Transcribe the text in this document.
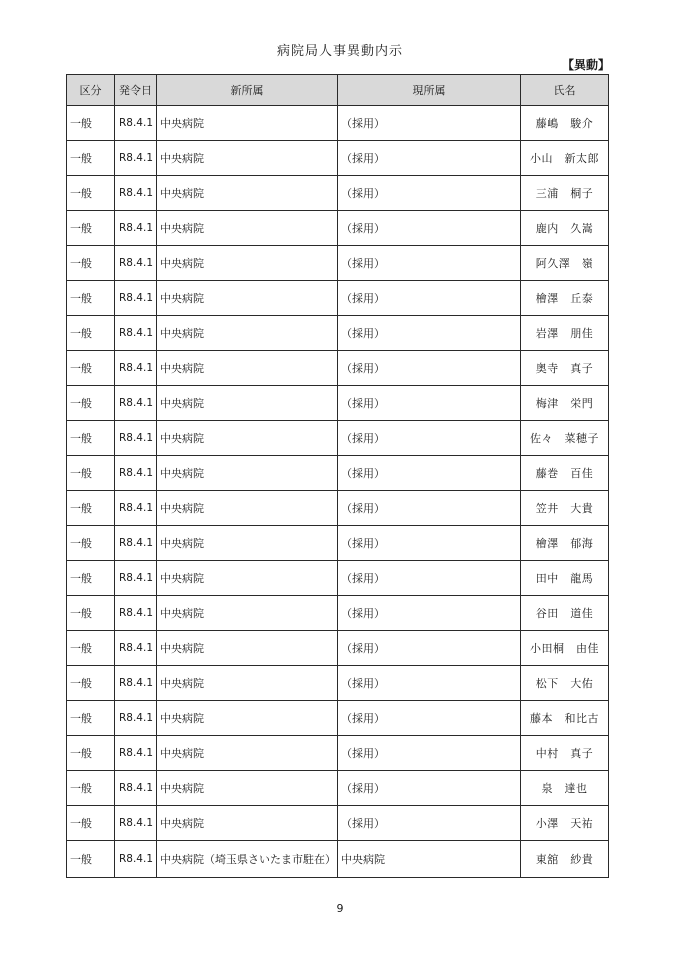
病院局人事異動内示
【異動】
区分	発令日	新所属	現所属	氏名
一般	R8.4.1	中央病院	（採用）	藤嶋　駿介
一般	R8.4.1	中央病院	（採用）	小山　新太郎
一般	R8.4.1	中央病院	（採用）	三浦　桐子
一般	R8.4.1	中央病院	（採用）	鹿内　久嵩
一般	R8.4.1	中央病院	（採用）	阿久澤　嶺
一般	R8.4.1	中央病院	（採用）	檜澤　丘泰
一般	R8.4.1	中央病院	（採用）	岩澤　朋佳
一般	R8.4.1	中央病院	（採用）	奥寺　真子
一般	R8.4.1	中央病院	（採用）	梅津　栄門
一般	R8.4.1	中央病院	（採用）	佐々　菜穂子
一般	R8.4.1	中央病院	（採用）	藤巻　百佳
一般	R8.4.1	中央病院	（採用）	笠井　大貴
一般	R8.4.1	中央病院	（採用）	檜澤　郁海
一般	R8.4.1	中央病院	（採用）	田中　龍馬
一般	R8.4.1	中央病院	（採用）	谷田　道佳
一般	R8.4.1	中央病院	（採用）	小田桐　由佳
一般	R8.4.1	中央病院	（採用）	松下　大佑
一般	R8.4.1	中央病院	（採用）	藤本　和比古
一般	R8.4.1	中央病院	（採用）	中村　真子
一般	R8.4.1	中央病院	（採用）	泉　達也
一般	R8.4.1	中央病院	（採用）	小澤　天祐
一般	R8.4.1	中央病院（埼玉県さいたま市駐在）	中央病院	東舘　紗貴
9
